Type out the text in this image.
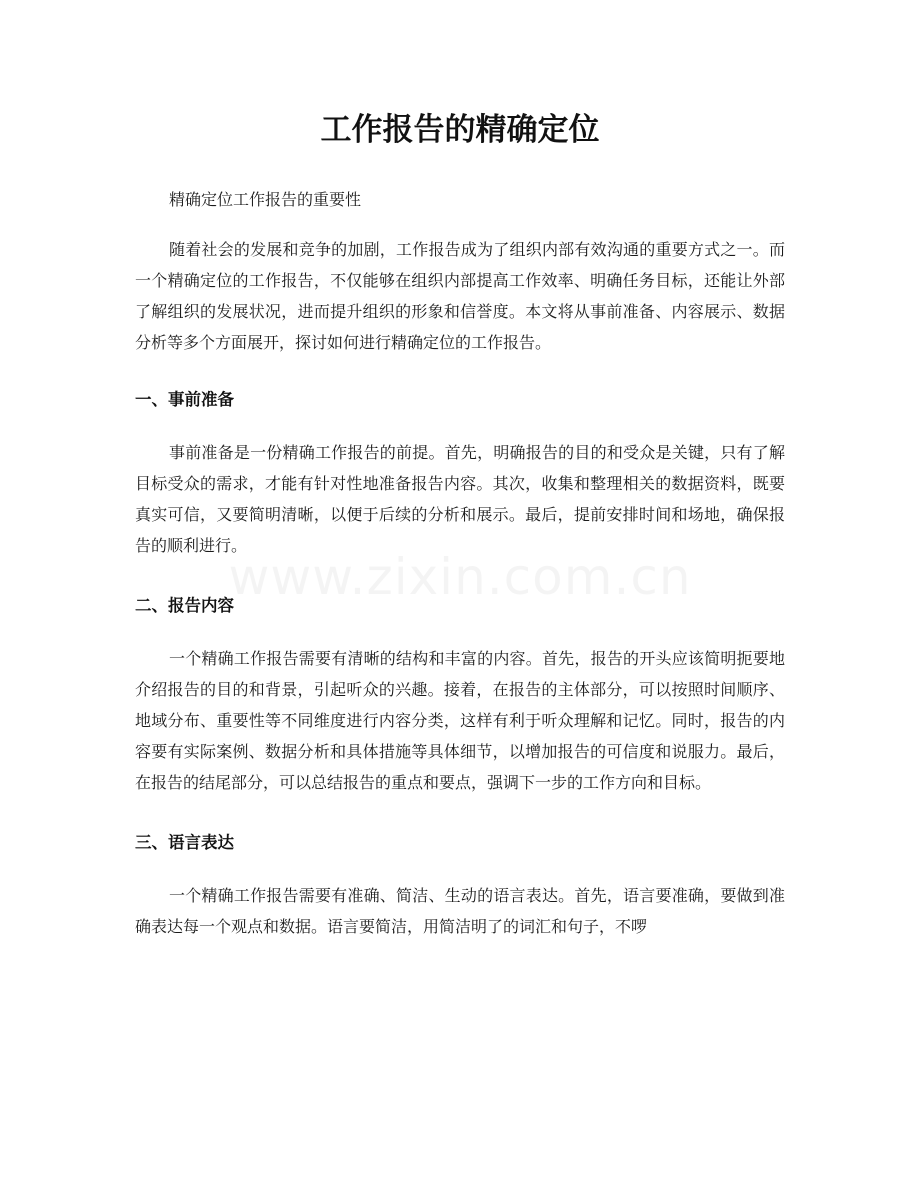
工作报告的精确定位

精确定位工作报告的重要性

随着社会的发展和竞争的加剧，工作报告成为了组织内部有效沟通的重要方式之一。而一个精确定位的工作报告，不仅能够在组织内部提高工作效率、明确任务目标，还能让外部了解组织的发展状况，进而提升组织的形象和信誉度。本文将从事前准备、内容展示、数据分析等多个方面展开，探讨如何进行精确定位的工作报告。

一、事前准备

事前准备是一份精确工作报告的前提。首先，明确报告的目的和受众是关键，只有了解目标受众的需求，才能有针对性地准备报告内容。其次，收集和整理相关的数据资料，既要真实可信，又要简明清晰，以便于后续的分析和展示。最后，提前安排时间和场地，确保报告的顺利进行。

二、报告内容

一个精确工作报告需要有清晰的结构和丰富的内容。首先，报告的开头应该简明扼要地介绍报告的目的和背景，引起听众的兴趣。接着，在报告的主体部分，可以按照时间顺序、地域分布、重要性等不同维度进行内容分类，这样有利于听众理解和记忆。同时，报告的内容要有实际案例、数据分析和具体措施等具体细节，以增加报告的可信度和说服力。最后，在报告的结尾部分，可以总结报告的重点和要点，强调下一步的工作方向和目标。

三、语言表达

一个精确工作报告需要有准确、简洁、生动的语言表达。首先，语言要准确，要做到准确表达每一个观点和数据。语言要简洁，用简洁明了的词汇和句子，不啰
